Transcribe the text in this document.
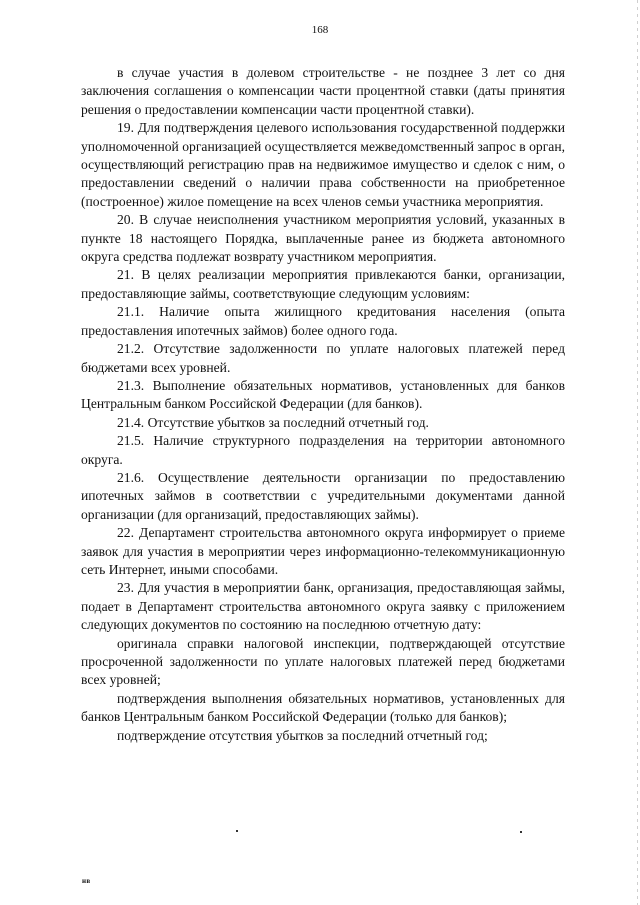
168

в случае участия в долевом строительстве - не позднее 3 лет со дня заключения соглашения о компенсации части процентной ставки (даты принятия решения о предоставлении компенсации части процентной ставки).

19. Для подтверждения целевого использования государственной поддержки уполномоченной организацией осуществляется межведомственный запрос в орган, осуществляющий регистрацию прав на недвижимое имущество и сделок с ним, о предоставлении сведений о наличии права собственности на приобретенное (построенное) жилое помещение на всех членов семьи участника мероприятия.

20. В случае неисполнения участником мероприятия условий, указанных в пункте 18 настоящего Порядка, выплаченные ранее из бюджета автономного округа средства подлежат возврату участником мероприятия.

21. В целях реализации мероприятия привлекаются банки, организации, предоставляющие займы, соответствующие следующим условиям:

21.1. Наличие опыта жилищного кредитования населения (опыта предоставления ипотечных займов) более одного года.

21.2. Отсутствие задолженности по уплате налоговых платежей перед бюджетами всех уровней.

21.3. Выполнение обязательных нормативов, установленных для банков Центральным банком Российской Федерации (для банков).

21.4. Отсутствие убытков за последний отчетный год.

21.5. Наличие структурного подразделения на территории автономного округа.

21.6. Осуществление деятельности организации по предоставлению ипотечных займов в соответствии с учредительными документами данной организации (для организаций, предоставляющих займы).

22. Департамент строительства автономного округа информирует о приеме заявок для участия в мероприятии через информационно-телекоммуникационную сеть Интернет, иными способами.

23. Для участия в мероприятии банк, организация, предоставляющая займы, подает в Департамент строительства автономного округа заявку с приложением следующих документов по состоянию на последнюю отчетную дату:

оригинала справки налоговой инспекции, подтверждающей отсутствие просроченной задолженности по уплате налоговых платежей перед бюджетами всех уровней;

подтверждения выполнения обязательных нормативов, установленных для банков Центральным банком Российской Федерации (только для банков);

подтверждение отсутствия убытков за последний отчетный год;

нв
